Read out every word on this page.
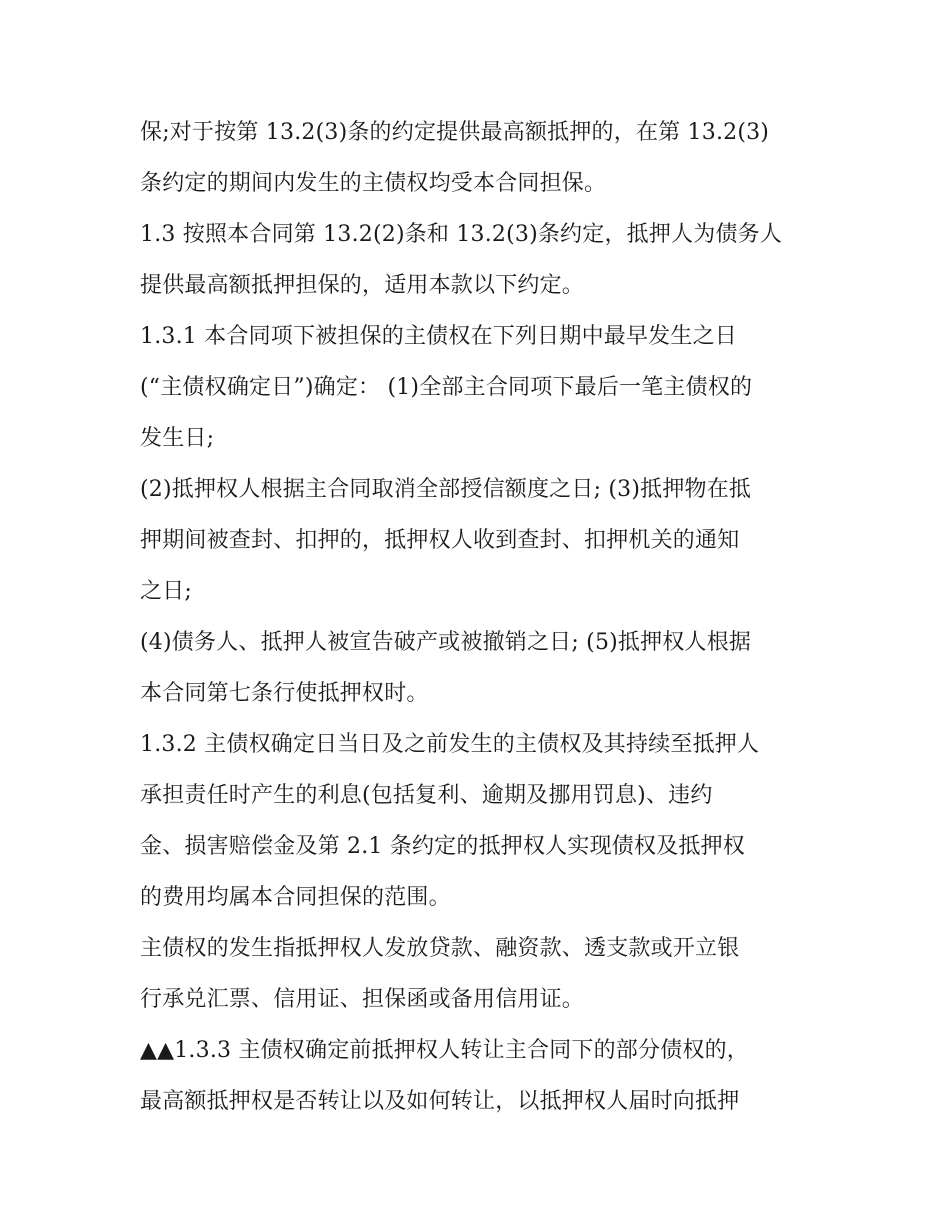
保;对于按第 13.2(3)条的约定提供最高额抵押的，在第 13.2(3)
条约定的期间内发生的主债权均受本合同担保。
1.3 按照本合同第 13.2(2)条和 13.2(3)条约定，抵押人为债务人
提供最高额抵押担保的，适用本款以下约定。
1.3.1 本合同项下被担保的主债权在下列日期中最早发生之日
(“主债权确定日”)确定： (1)全部主合同项下最后一笔主债权的
发生日;
(2)抵押权人根据主合同取消全部授信额度之日; (3)抵押物在抵
押期间被查封、扣押的，抵押权人收到查封、扣押机关的通知
之日;
(4)债务人、抵押人被宣告破产或被撤销之日; (5)抵押权人根据
本合同第七条行使抵押权时。
1.3.2 主债权确定日当日及之前发生的主债权及其持续至抵押人
承担责任时产生的利息(包括复利、逾期及挪用罚息)、违约
金、损害赔偿金及第 2.1 条约定的抵押权人实现债权及抵押权
的费用均属本合同担保的范围。
主债权的发生指抵押权人发放贷款、融资款、透支款或开立银
行承兑汇票、信用证、担保函或备用信用证。
▲▲1.3.3 主债权确定前抵押权人转让主合同下的部分债权的，
最高额抵押权是否转让以及如何转让，以抵押权人届时向抵押
